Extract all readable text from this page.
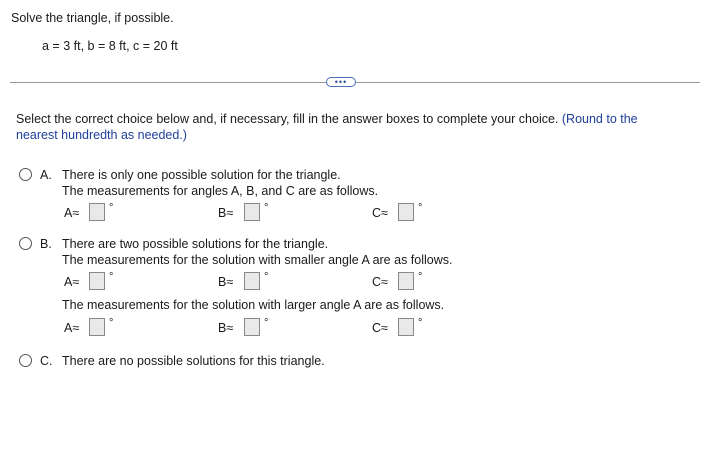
Solve the triangle, if possible.
a = 3 ft, b = 8 ft, c = 20 ft
•••
Select the correct choice below and, if necessary, fill in the answer boxes to complete your choice. (Round to the
nearest hundredth as needed.)
A. There is only one possible solution for the triangle.
The measurements for angles A, B, and C are as follows.
A≈	°	B≈	°	C≈	°
B. There are two possible solutions for the triangle.
The measurements for the solution with smaller angle A are as follows.
A≈	°	B≈	°	C≈	°
The measurements for the solution with larger angle A are as follows.
A≈	°	B≈	°	C≈	°
C. There are no possible solutions for this triangle.
